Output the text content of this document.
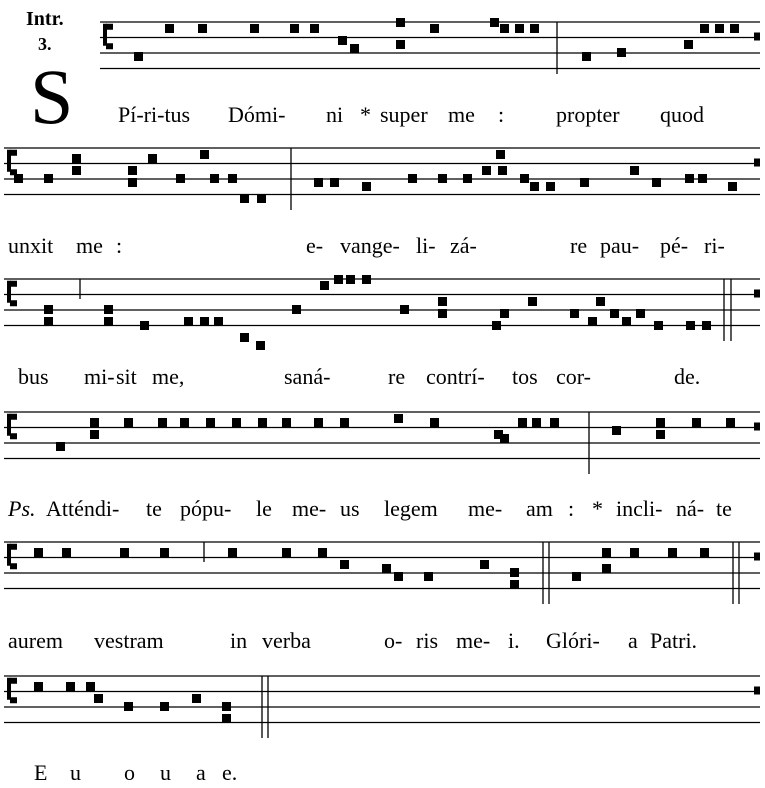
Intr.
3.
S Pí-ri-tus Dómi- ni * super me : propter quod
unxit me :	e- vange- li- zá-	re pau- pé- ri-
bus mi- sit me,	saná-	re contrí- tos cor-	de.
Ps. Atténdi- te pópu- le me- us legem me- am : * incli- ná- te
aurem vestram	in verba	o- ris me- i. Glóri- a Patri.
E u o u a e.
